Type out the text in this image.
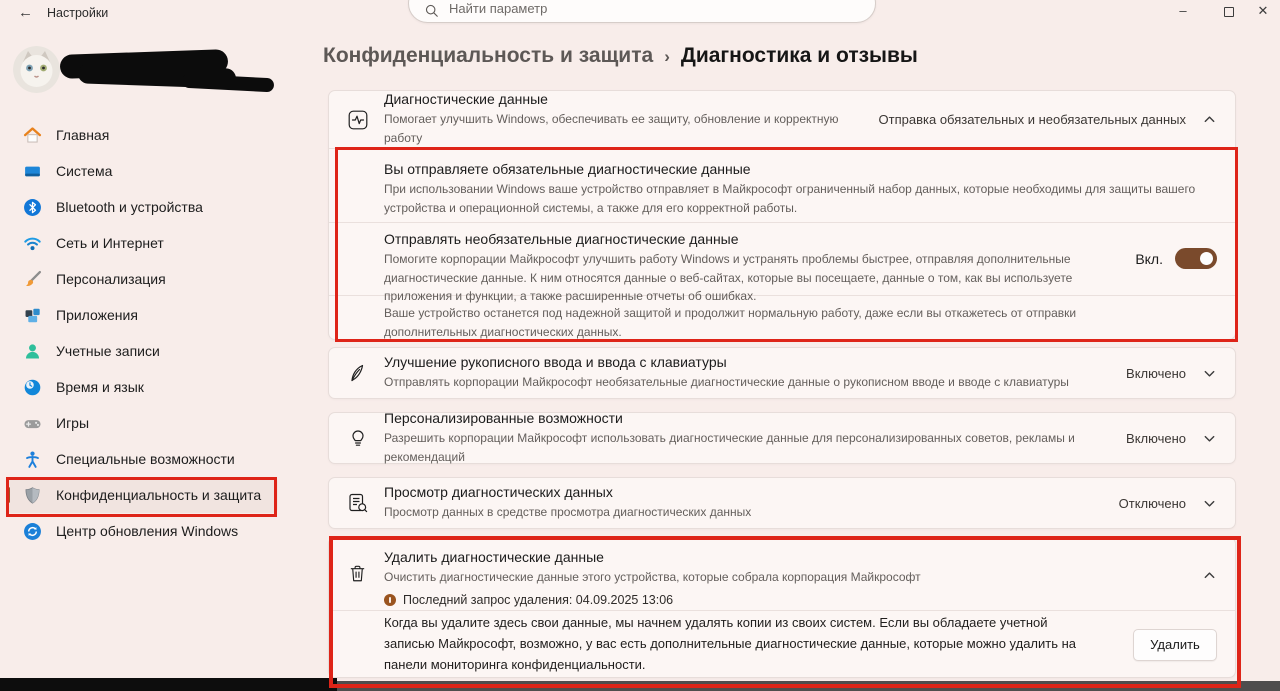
← Настройки
Найти параметр	–	✕
Главная
Система
Bluetooth и устройства
Сеть и Интернет
Персонализация
Приложения
Учетные записи
Время и язык
Игры
Специальные возможности
Конфиденциальность и защита
Центр обновления Windows
Конфиденциальность и защита › Диагностика и отзывы
Диагностические данные
Помогает улучшить Windows, обеспечивать ее защиту, обновление и корректную работу
Отправка обязательных и необязательных данных
Вы отправляете обязательные диагностические данные
При использовании Windows ваше устройство отправляет в Майкрософт ограниченный набор данных, которые необходимы для защиты вашего устройства и операционной системы, а также для его корректной работы.
Отправлять необязательные диагностические данные
Помогите корпорации Майкрософт улучшить работу Windows и устранять проблемы быстрее, отправляя дополнительные диагностические данные. К ним относятся данные о веб-сайтах, которые вы посещаете, данные о том, как вы используете приложения и функции, а также расширенные отчеты об ошибках.
Вкл.
Ваше устройство останется под надежной защитой и продолжит нормальную работу, даже если вы откажетесь от отправки дополнительных диагностических данных.
Улучшение рукописного ввода и ввода с клавиатуры
Отправлять корпорации Майкрософт необязательные диагностические данные о рукописном вводе и вводе с клавиатуры
Включено
Персонализированные возможности
Разрешить корпорации Майкрософт использовать диагностические данные для персонализированных советов, рекламы и рекомендаций
Включено
Просмотр диагностических данных
Просмотр данных в средстве просмотра диагностических данных
Отключено
Удалить диагностические данные
Очистить диагностические данные этого устройства, которые собрала корпорация Майкрософт
Последний запрос удаления: 04.09.2025 13:06
Когда вы удалите здесь свои данные, мы начнем удалять копии из своих систем. Если вы обладаете учетной записью Майкрософт, возможно, у вас есть дополнительные диагностические данные, которые можно удалить на панели мониторинга конфиденциальности.
Удалить
